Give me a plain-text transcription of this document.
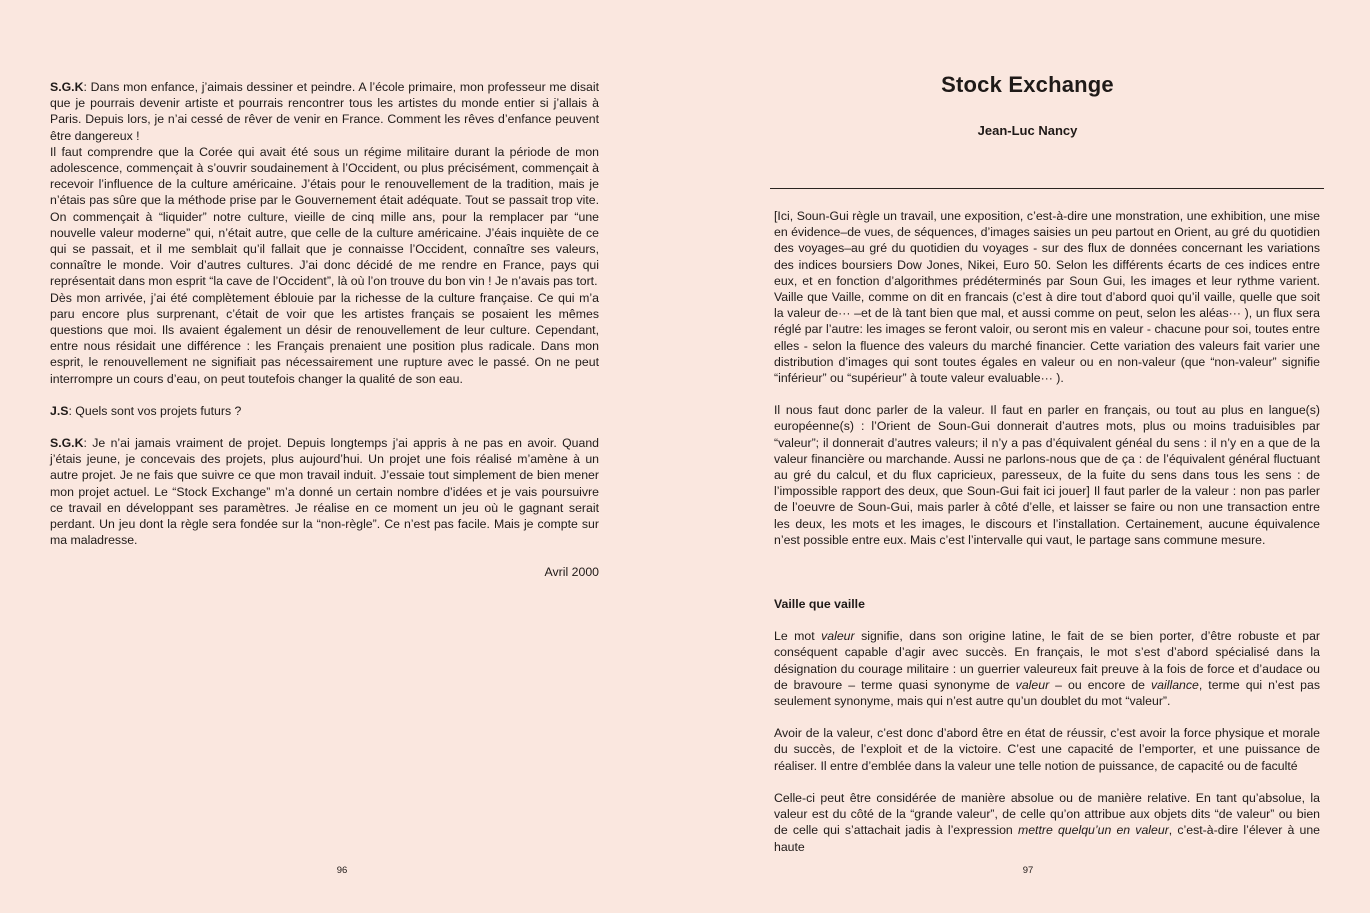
S.G.K: Dans mon enfance, j’aimais dessiner et peindre. A l’école primaire, mon professeur me disait que je pourrais devenir artiste et pourrais rencontrer tous les artistes du monde entier si j’allais à Paris. Depuis lors, je n’ai cessé de rêver de venir en France. Comment les rêves d’enfance peuvent être dangereux !

Il faut comprendre que la Corée qui avait été sous un régime militaire durant la période de mon adolescence, commençait à s’ouvrir soudainement à l’Occident, ou plus précisément, commençait à recevoir l’influence de la culture américaine. J’étais pour le renouvellement de la tradition, mais je n’étais pas sûre que la méthode prise par le Gouvernement était adéquate. Tout se passait trop vite. On commençait à “liquider” notre culture, vieille de cinq mille ans, pour la remplacer par “une nouvelle valeur moderne” qui, n’était autre, que celle de la culture américaine. J’éais inquiète de ce qui se passait, et il me semblait qu’il fallait que je connaisse l’Occident, connaître ses valeurs, connaître le monde. Voir d’autres cultures. J’ai donc décidé de me rendre en France, pays qui représentait dans mon esprit “la cave de l’Occident”, là où l’on trouve du bon vin ! Je n’avais pas tort.

Dès mon arrivée, j’ai été complètement éblouie par la richesse de la culture française. Ce qui m’a paru encore plus surprenant, c’était de voir que les artistes français se posaient les mêmes questions que moi. Ils avaient également un désir de renouvellement de leur culture. Cependant, entre nous résidait une différence : les Français prenaient une position plus radicale. Dans mon esprit, le renouvellement ne signifiait pas nécessairement une rupture avec le passé. On ne peut interrompre un cours d’eau, on peut toutefois changer la qualité de son eau.

J.S: Quels sont vos projets futurs ?

S.G.K: Je n’ai jamais vraiment de projet. Depuis longtemps j’ai appris à ne pas en avoir. Quand j’étais jeune, je concevais des projets, plus aujourd’hui. Un projet une fois réalisé m’amène à un autre projet. Je ne fais que suivre ce que mon travail induit. J’essaie tout simplement de bien mener mon projet actuel. Le “Stock Exchange” m’a donné un certain nombre d’idées et je vais poursuivre ce travail en développant ses paramètres. Je réalise en ce moment un jeu où le gagnant serait perdant. Un jeu dont la règle sera fondée sur la “non-règle”. Ce n’est pas facile. Mais je compte sur ma maladresse.

Avril 2000

96
Stock Exchange
Jean-Luc Nancy

[Ici, Soun-Gui règle un travail, une exposition, c’est-à-dire une monstration, une exhibition, une mise en évidence–de vues, de séquences, d’images saisies un peu partout en Orient, au gré du quotidien des voyages–au gré du quotidien du voyages - sur des flux de données concernant les variations des indices boursiers Dow Jones, Nikei, Euro 50. Selon les différents écarts de ces indices entre eux, et en fonction d’algorithmes prédéterminés par Soun Gui, les images et leur rythme varient. Vaille que Vaille, comme on dit en francais (c’est à dire tout d’abord quoi qu’il vaille, quelle que soit la valeur de··· –et de là tant bien que mal, et aussi comme on peut, selon les aléas··· ), un flux sera réglé par l’autre: les images se feront valoir, ou seront mis en valeur - chacune pour soi, toutes entre elles - selon la fluence des valeurs du marché financier. Cette variation des valeurs fait varier une distribution d’images qui sont toutes égales en valeur ou en non-valeur (que “non-valeur” signifie “inférieur” ou “supérieur” à toute valeur evaluable··· ).

Il nous faut donc parler de la valeur. Il faut en parler en français, ou tout au plus en langue(s) européenne(s) : l’Orient de Soun-Gui donnerait d’autres mots, plus ou moins traduisibles par “valeur”; il donnerait d’autres valeurs; il n’y a pas d’équivalent généal du sens : il n’y en a que de la valeur financière ou marchande. Aussi ne parlons-nous que de ça : de l’équivalent général fluctuant au gré du calcul, et du flux capricieux, paresseux, de la fuite du sens dans tous les sens : de l’impossible rapport des deux, que Soun-Gui fait ici jouer] Il faut parler de la valeur : non pas parler de l’oeuvre de Soun-Gui, mais parler à côté d’elle, et laisser se faire ou non une transaction entre les deux, les mots et les images, le discours et l’installation. Certainement, aucune équivalence n’est possible entre eux. Mais c’est l’intervalle qui vaut, le partage sans commune mesure.

Vaille que vaille

Le mot valeur signifie, dans son origine latine, le fait de se bien porter, d’être robuste et par conséquent capable d’agir avec succès. En français, le mot s’est d’abord spécialisé dans la désignation du courage militaire : un guerrier valeureux fait preuve à la fois de force et d’audace ou de bravoure – terme quasi synonyme de valeur – ou encore de vaillance, terme qui n’est pas seulement synonyme, mais qui n’est autre qu’un doublet du mot “valeur”.

Avoir de la valeur, c’est donc d’abord être en état de réussir, c’est avoir la force physique et morale du succès, de l’exploit et de la victoire. C’est une capacité de l’emporter, et une puissance de réaliser. Il entre d’emblée dans la valeur une telle notion de puissance, de capacité ou de faculté

Celle-ci peut être considérée de manière absolue ou de manière relative. En tant qu’absolue, la valeur est du côté de la “grande valeur”, de celle qu’on attribue aux objets dits “de valeur” ou bien de celle qui s’attachait jadis à l’expression mettre quelqu’un en valeur, c’est-à-dire l’élever à une haute

97
